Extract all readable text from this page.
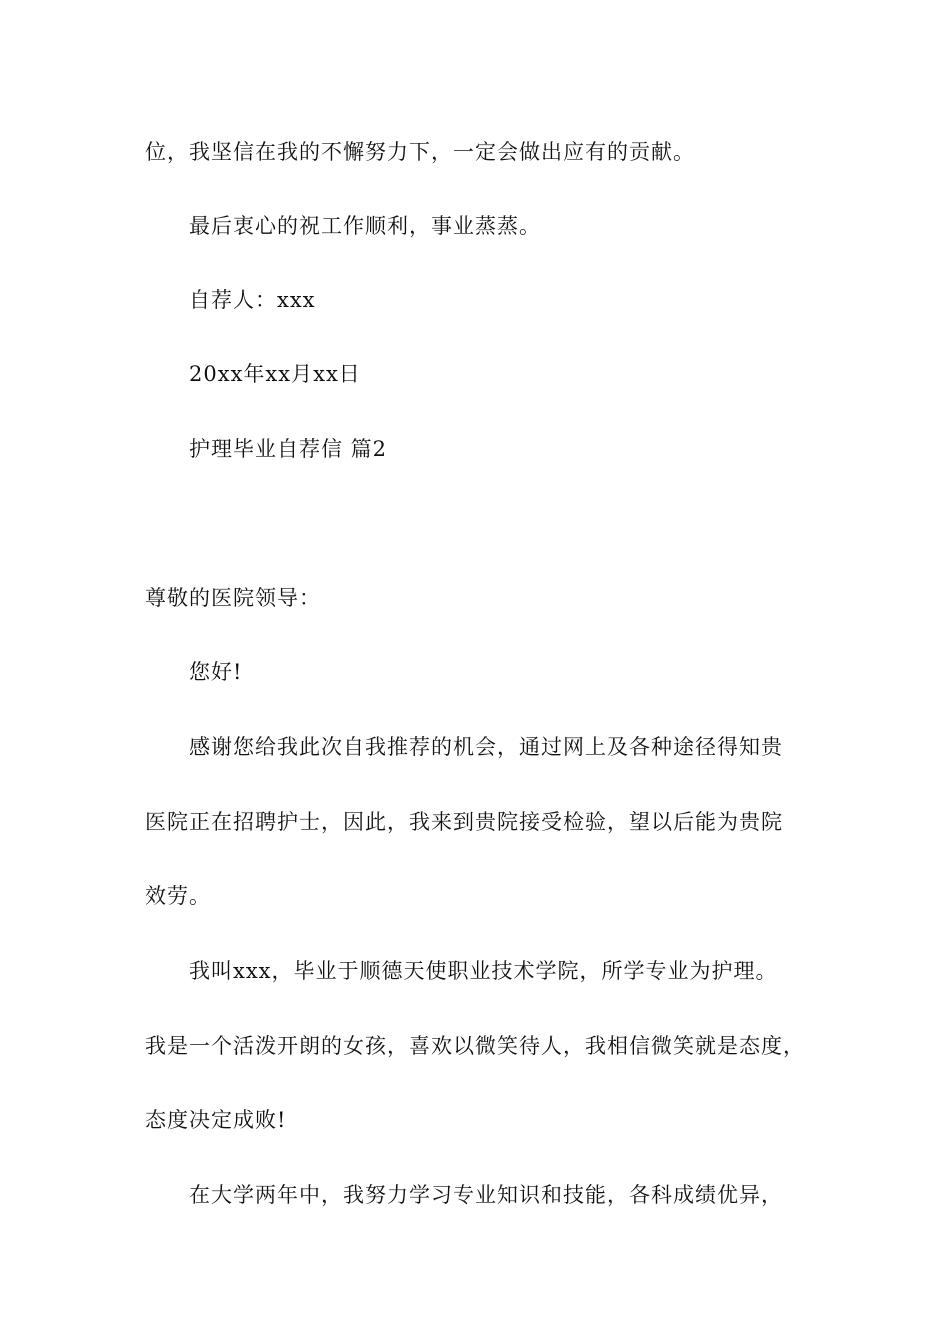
位，我坚信在我的不懈努力下，一定会做出应有的贡献。
最后衷心的祝工作顺利，事业蒸蒸。
自荐人：xxx
20xx年xx月xx日
护理毕业自荐信 篇2
尊敬的医院领导：
您好!
感谢您给我此次自我推荐的机会，通过网上及各种途径得知贵
医院正在招聘护士，因此，我来到贵院接受检验，望以后能为贵院
效劳。
我叫xxx，毕业于顺德天使职业技术学院，所学专业为护理。
我是一个活泼开朗的女孩，喜欢以微笑待人，我相信微笑就是态度，
态度决定成败!
在大学两年中，我努力学习专业知识和技能，各科成绩优异，
